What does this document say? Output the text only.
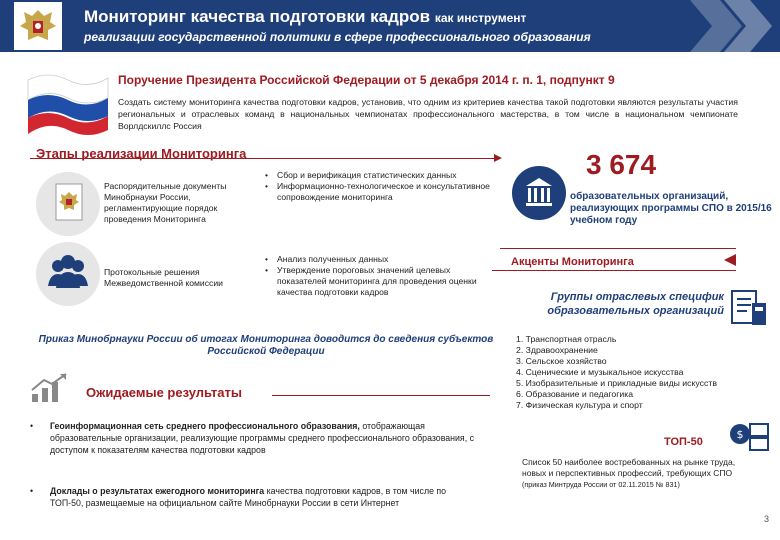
Мониторинг качества подготовки кадров как инструмент
реализации государственной политики в сфере профессионального образования
Поручение Президента Российской Федерации от 5 декабря 2014 г. п. 1, подпункт 9
Создать систему мониторинга качества подготовки кадров, установив, что одним из критериев качества такой подготовки являются результаты участия региональных и отраслевых команд в национальных чемпионатах профессионального мастерства, в том числе в национальном чемпионате Ворлдскиллс Россия
Этапы реализации Мониторинга
Распорядительные документы Минобрнауки России, регламентирующие порядок проведения Мониторинга
• Сбор и верификация статистических данных
• Информационно-технологическое и консультативное сопровождение мониторинга
Протокольные решения Межведомственной комиссии
• Анализ полученных данных
• Утверждение пороговых значений целевых показателей мониторинга для проведения оценки качества подготовки кадров
Приказ Минобрнауки России об итогах Мониторинга доводится до сведения субъектов Российской Федерации
Ожидаемые результаты
• Геоинформационная сеть среднего профессионального образования, отображающая образовательные организации, реализующие программы среднего профессионального образования, с доступом к показателям качества подготовки кадров
• Доклады о результатах ежегодного мониторинга качества подготовки кадров, в том числе по ТОП-50, размещаемые на официальном сайте Минобрнауки России в сети Интернет
3 674
образовательных организаций, реализующих программы СПО в 2015/16 учебном году
Акценты Мониторинга
Группы отраслевых специфик образовательных организаций
1. Транспортная отрасль
2. Здравоохранение
3. Сельское хозяйство
4. Сценические и музыкальное искусства
5. Изобразительные и прикладные виды искусств
6. Образование и педагогика
7. Физическая культура и спорт
ТОП-50
$
Список 50 наиболее востребованных на рынке труда, новых и перспективных профессий, требующих СПО (приказ Минтруда России от 02.11.2015 № 831)
3
